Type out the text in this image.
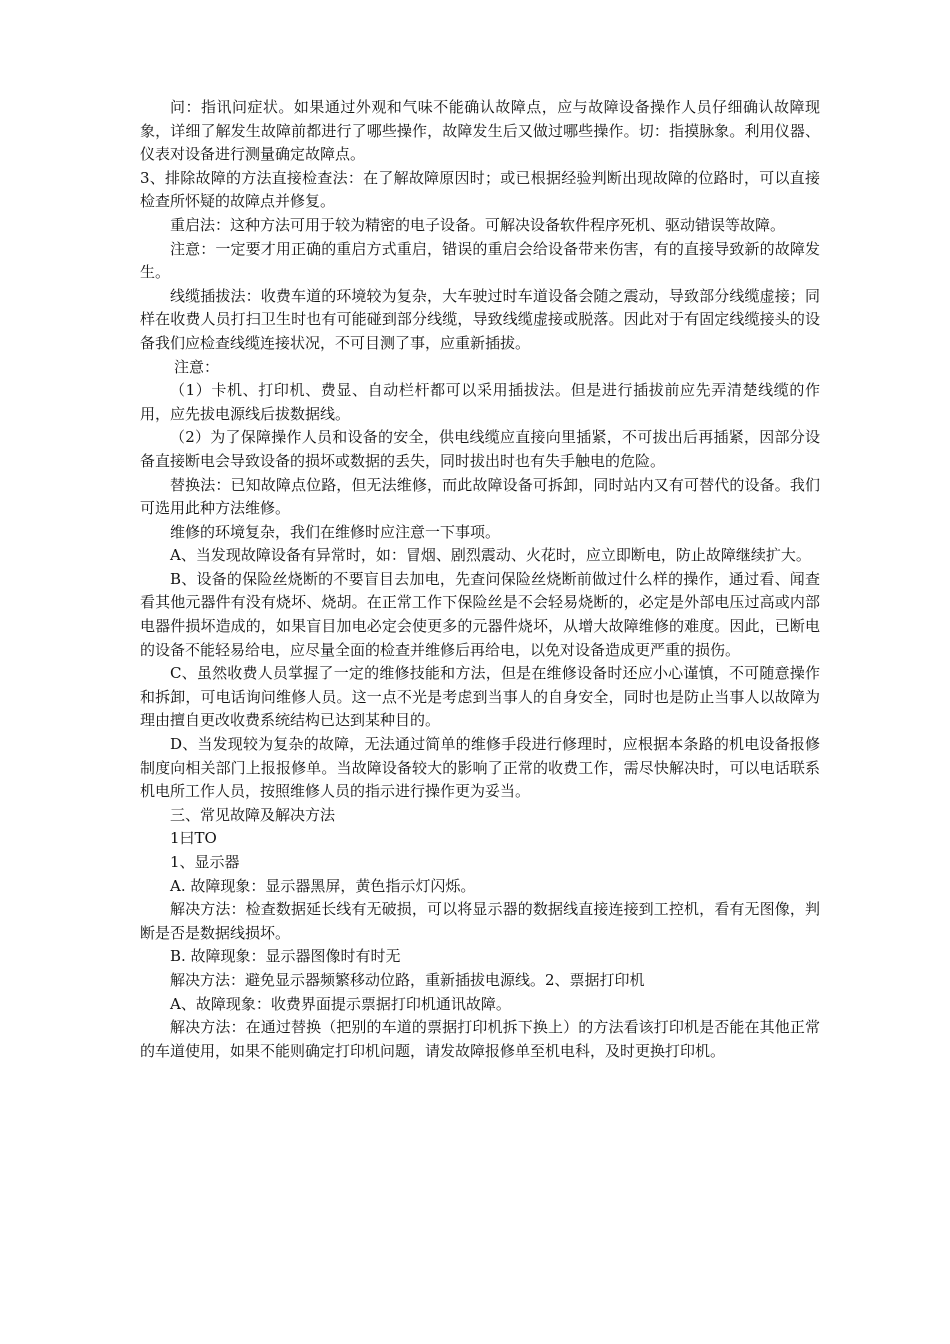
问：指讯问症状。如果通过外观和气味不能确认故障点，应与故障设备操作人员仔细确认故障现象，详细了解发生故障前都进行了哪些操作，故障发生后又做过哪些操作。切：指摸脉象。利用仪器、仪表对设备进行测量确定故障点。

3、排除故障的方法直接检查法：在了解故障原因时；或已根据经验判断出现故障的位路时，可以直接检查所怀疑的故障点并修复。

重启法：这种方法可用于较为精密的电子设备。可解决设备软件程序死机、驱动错误等故障。

注意：一定要才用正确的重启方式重启，错误的重启会给设备带来伤害，有的直接导致新的故障发生。

线缆插拔法：收费车道的环境较为复杂，大车驶过时车道设备会随之震动，导致部分线缆虚接；同样在收费人员打扫卫生时也有可能碰到部分线缆，导致线缆虚接或脱落。因此对于有固定线缆接头的设备我们应检查线缆连接状况，不可目测了事，应重新插拔。

注意：

（1）卡机、打印机、费显、自动栏杆都可以采用插拔法。但是进行插拔前应先弄清楚线缆的作用，应先拔电源线后拔数据线。

（2）为了保障操作人员和设备的安全，供电线缆应直接向里插紧，不可拔出后再插紧，因部分设备直接断电会导致设备的损坏或数据的丢失，同时拔出时也有失手触电的危险。

替换法：已知故障点位路，但无法维修，而此故障设备可拆卸，同时站内又有可替代的设备。我们可选用此种方法维修。

维修的环境复杂，我们在维修时应注意一下事项。

A、当发现故障设备有异常时，如：冒烟、剧烈震动、火花时，应立即断电，防止故障继续扩大。

B、设备的保险丝烧断的不要盲目去加电，先查问保险丝烧断前做过什么样的操作，通过看、闻查看其他元器件有没有烧坏、烧胡。在正常工作下保险丝是不会轻易烧断的，必定是外部电压过高或内部电器件损坏造成的，如果盲目加电必定会使更多的元器件烧坏，从增大故障维修的难度。因此，已断电的设备不能轻易给电，应尽量全面的检查并维修后再给电，以免对设备造成更严重的损伤。

C、虽然收费人员掌握了一定的维修技能和方法，但是在维修设备时还应小心谨慎，不可随意操作和拆卸，可电话询问维修人员。这一点不光是考虑到当事人的自身安全，同时也是防止当事人以故障为理由擅自更改收费系统结构已达到某种目的。

D、当发现较为复杂的故障，无法通过简单的维修手段进行修理时，应根据本条路的机电设备报修制度向相关部门上报报修单。当故障设备较大的影响了正常的收费工作，需尽快解决时，可以电话联系机电所工作人员，按照维修人员的指示进行操作更为妥当。

三、常见故障及解决方法

1曰TO

1、显示器

A. 故障现象：显示器黑屏，黄色指示灯闪烁。

解决方法：检查数据延长线有无破损，可以将显示器的数据线直接连接到工控机，看有无图像，判断是否是数据线损坏。

B. 故障现象：显示器图像时有时无

解决方法：避免显示器频繁移动位路，重新插拔电源线。2、票据打印机

A、故障现象：收费界面提示票据打印机通讯故障。

解决方法：在通过替换（把别的车道的票据打印机拆下换上）的方法看该打印机是否能在其他正常的车道使用，如果不能则确定打印机问题，请发故障报修单至机电科，及时更换打印机。
